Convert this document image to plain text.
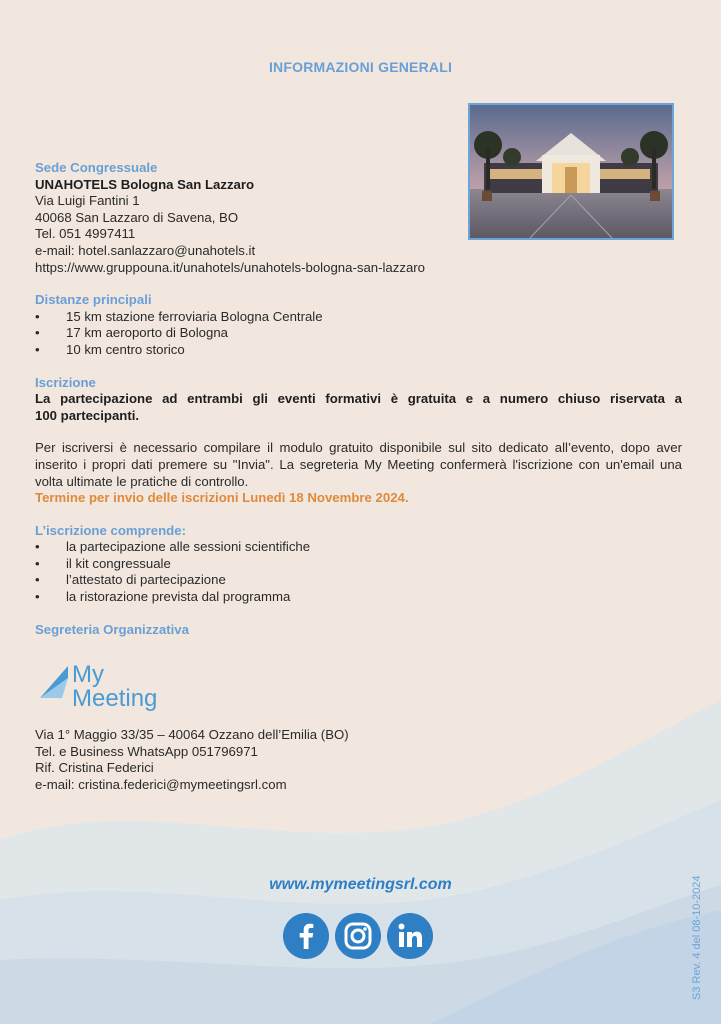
INFORMAZIONI GENERALI
Sede Congressuale
UNAHOTELS Bologna San Lazzaro
Via Luigi Fantini 1
40068 San Lazzaro di Savena, BO
Tel. 051 4997411
e-mail: hotel.sanlazzaro@unahotels.it
https://www.gruppouna.it/unahotels/unahotels-bologna-san-lazzaro
Distanze principali
• 15 km stazione ferroviaria Bologna Centrale
• 17 km aeroporto di Bologna
• 10 km centro storico
Iscrizione
La partecipazione ad entrambi gli eventi formativi è gratuita e a numero chiuso riservata a
100 partecipanti.
Per iscriversi è necessario compilare il modulo gratuito disponibile sul sito dedicato all’evento, dopo aver inserito i propri dati premere su "Invia". La segreteria My Meeting confermerà l'iscrizione con un'email una volta ultimate le pratiche di controllo.
Termine per invio delle iscrizioni Lunedì 18 Novembre 2024.
L’iscrizione comprende:
• la partecipazione alle sessioni scientifiche
• il kit congressuale
• l’attestato di partecipazione
• la ristorazione prevista dal programma
Segreteria Organizzativa
My
Meeting
Via 1° Maggio 33/35 – 40064 Ozzano dell’Emilia (BO)
Tel. e Business WhatsApp 051796971
Rif. Cristina Federici
e-mail: cristina.federici@mymeetingsrl.com
www.mymeetingsrl.com	S3 Rev. 4 del 08-10-2024
